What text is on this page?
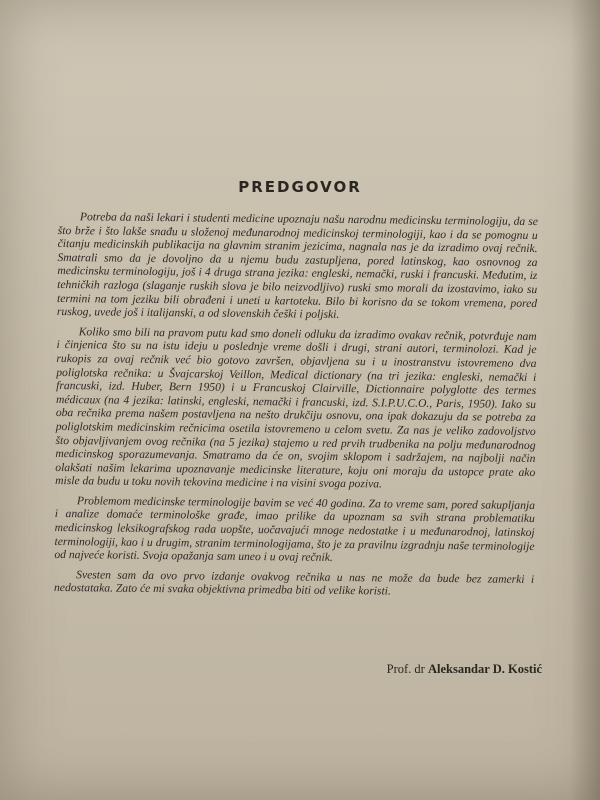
PREDGOVOR

Potreba da naši lekari i studenti medicine upoznaju našu narodnu medicinsku terminologiju, da se što brže i što lakše snađu u složenoj međunarodnoj medicinskoj terminologiji, kao i da se pomognu u čitanju medicinskih publikacija na glavnim stranim jezicima, nagnala nas je da izradimo ovaj rečnik. Smatrali smo da je dovoljno da u njemu budu zastupljena, pored latinskog, kao osnovnog za medicinsku terminologiju, još i 4 druga strana jezika: engleski, nemački, ruski i francuski. Međutim, iz tehničkih razloga (slaganje ruskih slova je bilo neizvodljivo) ruski smo morali da izostavimo, iako su termini na tom jeziku bili obrađeni i uneti u kartoteku. Bilo bi korisno da se tokom vremena, pored ruskog, uvede još i italijanski, a od slovenskih češki i poljski.

Koliko smo bili na pravom putu kad smo doneli odluku da izradimo ovakav rečnik, potvrđuje nam i činjenica što su na istu ideju u poslednje vreme došli i drugi, strani autori, terminolozi. Kad je rukopis za ovaj rečnik već bio gotovo završen, objavljena su i u inostranstvu istovremeno dva poliglotska rečnika: u Švajcarskoj Veillon, Medical dictionary (na tri jezika: engleski, nemački i francuski, izd. Huber, Bern 1950) i u Francuskoj Clairville, Dictionnaire polyglotte des termes médicaux (na 4 jezika: latinski, engleski, nemački i francuski, izd. S.I.P.U.C.O., Paris, 1950). Iako su oba rečnika prema našem postavljena na nešto drukčiju osnovu, ona ipak dokazuju da se potreba za poliglotskim medicinskim rečnicima osetila istovremeno u celom svetu. Za nas je veliko zadovoljstvo što objavljivanjem ovog rečnika (na 5 jezika) stajemo u red prvih trudbenika na polju međunarodnog medicinskog sporazumevanja. Smatramo da će on, svojim sklopom i sadržajem, na najbolji način olakšati našim lekarima upoznavanje medicinske literature, koju oni moraju da ustopce prate ako misle da budu u toku novih tekovina medicine i na visini svoga poziva.

Problemom medicinske terminologije bavim se već 40 godina. Za to vreme sam, pored sakupljanja i analize domaće terminološke građe, imao prilike da upoznam sa svih strana problematiku medicinskog leksikografskog rada uopšte, uočavajući mnoge nedostatke i u međunarodnoj, latinskoj terminologiji, kao i u drugim, stranim terminologijama, što je za pravilnu izgradnju naše terminologije od najveće koristi. Svoja opažanja sam uneo i u ovaj rečnik.

Svesten sam da ovo prvo izdanje ovakvog rečnika u nas ne može da bude bez zamerki i nedostataka. Zato će mi svaka objektivna primedba biti od velike koristi.

Prof. dr Aleksandar D. Kostić
